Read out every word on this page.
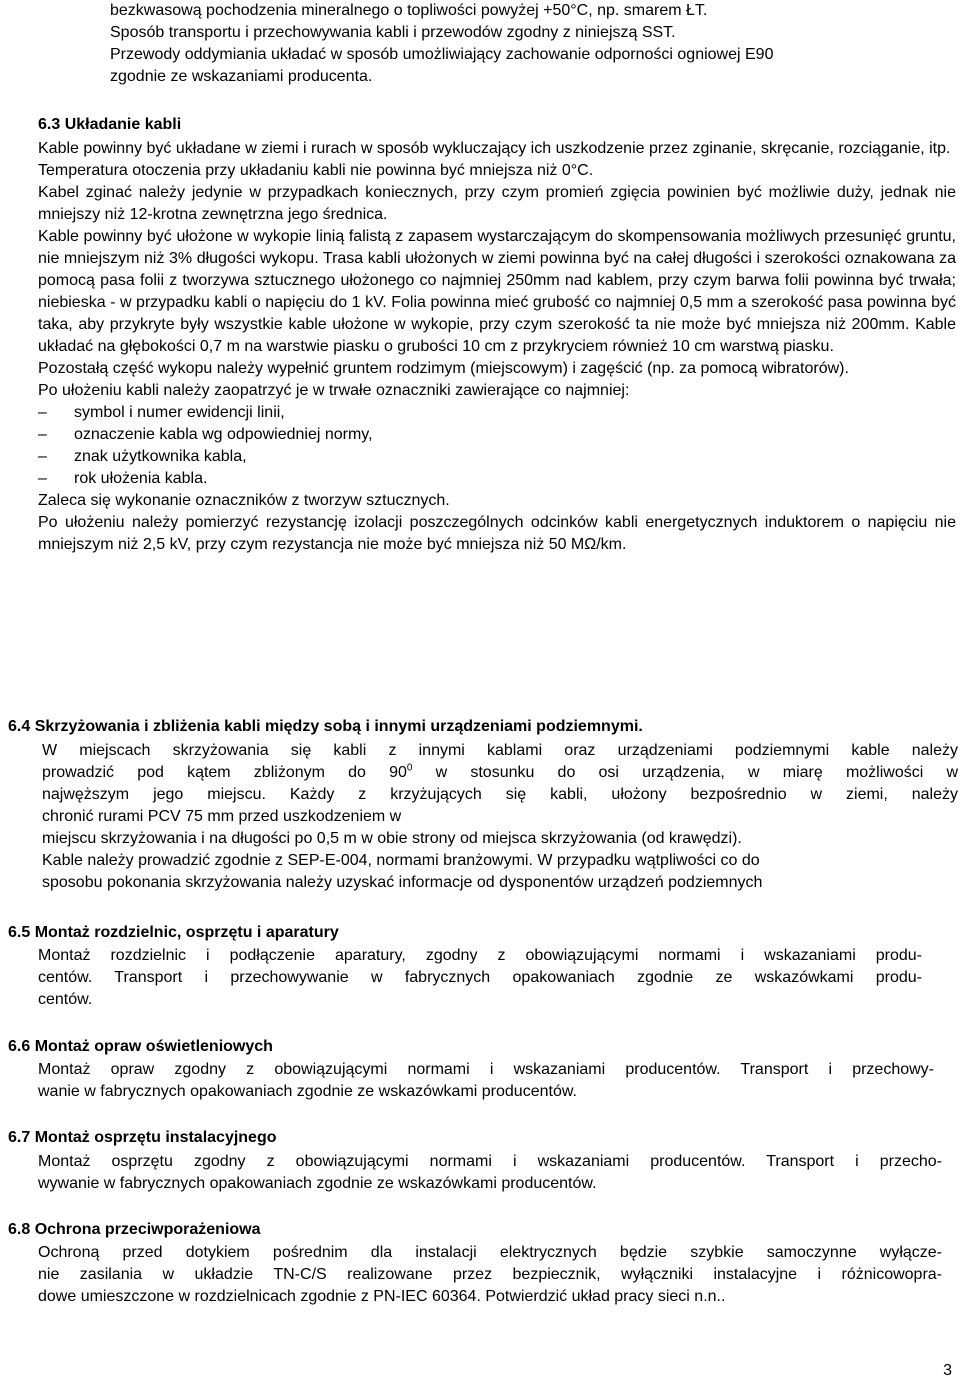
bezkwasową pochodzenia mineralnego o topliwości powyżej +50°C, np. smarem ŁT.
Sposób transportu i przechowywania kabli i przewodów zgodny z niniejszą SST.
Przewody oddymiania układać w sposób umożliwiający zachowanie odporności ogniowej E90
zgodnie ze wskazaniami producenta.
6.3 Układanie kabli

Kable powinny być układane w ziemi i rurach w sposób wykluczający ich uszkodzenie przez zginanie, skręcanie, rozciąganie, itp.

Temperatura otoczenia przy układaniu kabli nie powinna być mniejsza niż 0°C.

Kabel zginać należy jedynie w przypadkach koniecznych, przy czym promień zgięcia powinien być możliwie duży, jednak nie mniejszy niż 12-krotna zewnętrzna jego średnica.

Kable powinny być ułożone w wykopie linią falistą z zapasem wystarczającym do skompensowania możliwych przesunięć gruntu, nie mniejszym niż 3% długości wykopu. Trasa kabli ułożonych w ziemi powinna być na całej długości i szerokości oznakowana za pomocą pasa folii z tworzywa sztucznego ułożonego co najmniej 250mm nad kablem, przy czym barwa folii powinna być trwała; niebieska - w przypadku kabli o napięciu do 1 kV. Folia powinna mieć grubość co najmniej 0,5 mm a szerokość pasa powinna być taka, aby przykryte były wszystkie kable ułożone w wykopie, przy czym szerokość ta nie może być mniejsza niż 200mm. Kable układać na głębokości 0,7 m na warstwie piasku o grubości 10 cm z przykryciem również 10 cm warstwą piasku.

Pozostałą część wykopu należy wypełnić gruntem rodzimym (miejscowym) i zagęścić (np. za pomocą wibratorów).

Po ułożeniu kabli należy zaopatrzyć je w trwałe oznaczniki zawierające co najmniej:

–	symbol i numer ewidencji linii,
–	oznaczenie kabla wg odpowiedniej normy,
–	znak użytkownika kabla,
–	rok ułożenia kabla.

Zaleca się wykonanie oznaczników z tworzyw sztucznych.

Po ułożeniu należy pomierzyć rezystancję izolacji poszczególnych odcinków kabli energetycznych induktorem o napięciu nie mniejszym niż 2,5 kV, przy czym rezystancja nie może być mniejsza niż 50 MΩ/km.

6.4 Skrzyżowania i zbliżenia kabli między sobą i innymi urządzeniami podziemnymi.
W miejscach skrzyżowania się kabli z innymi kablami oraz urządzeniami podziemnymi kable należy
prowadzić pod kątem zbliżonym do $90^0$ w stosunku do osi urządzenia, w miarę możliwości w
najwęższym jego miejscu. Każdy z krzyżujących się kabli, ułożony bezpośrednio w ziemi, należy
chronić rurami PCV 75 mm przed uszkodzeniem w
miejscu skrzyżowania i na długości po 0,5 m w obie strony od miejsca skrzyżowania (od krawędzi).
Kable należy prowadzić zgodnie z SEP-E-004, normami branżowymi. W przypadku wątpliwości co do
sposobu pokonania skrzyżowania należy uzyskać informacje od dysponentów urządzeń podziemnych
6.5 Montaż rozdzielnic, osprzętu i aparatury
Montaż rozdzielnic i podłączenie aparatury, zgodny z obowiązującymi normami i wskazaniami produ-
centów. Transport i przechowywanie w fabrycznych opakowaniach zgodnie ze wskazówkami produ-
centów.
6.6 Montaż opraw oświetleniowych
Montaż opraw zgodny z obowiązującymi normami i wskazaniami producentów. Transport i przechowy-
wanie w fabrycznych opakowaniach zgodnie ze wskazówkami producentów.
6.7 Montaż osprzętu instalacyjnego
Montaż osprzętu zgodny z obowiązującymi normami i wskazaniami producentów. Transport i przecho-
wywanie w fabrycznych opakowaniach zgodnie ze wskazówkami producentów.
6.8 Ochrona przeciwporażeniowa
Ochroną przed dotykiem pośrednim dla instalacji elektrycznych będzie szybkie samoczynne wyłącze-
nie zasilania w układzie TN-C/S realizowane przez bezpiecznik, wyłączniki instalacyjne i różnicowopra-
dowe umieszczone w rozdzielnicach zgodnie z PN-IEC 60364. Potwierdzić układ pracy sieci n.n..
3
